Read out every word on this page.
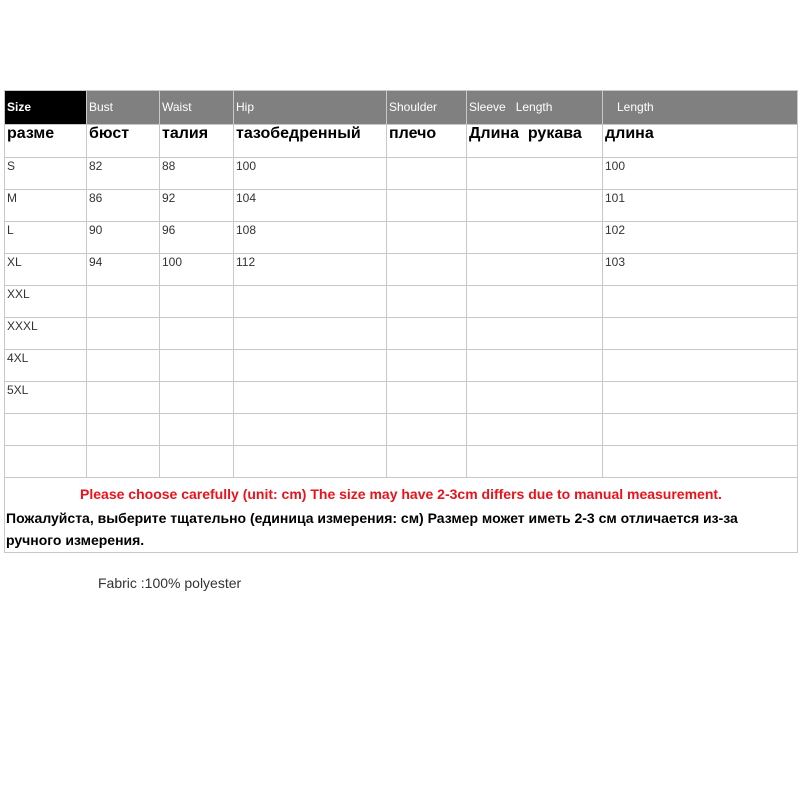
Size	Bust	Waist	Hip	Shoulder	Sleeve   Length	Length
разме	бюст	талия	тазобедренный	плечо	Длина  рукава	длина
S	82	88	100			100
M	86	92	104			101
L	90	96	108			102
XL	94	100	112			103
XXL						
XXXL						
4XL						
5XL						

Please choose carefully (unit: cm) The size may have 2-3cm differs due to manual measurement.
Пожалуйста, выберите тщательно (единица измерения: см) Размер может иметь 2-3 см отличается из-за ручного измерения.						
Fabric :100% polyester
